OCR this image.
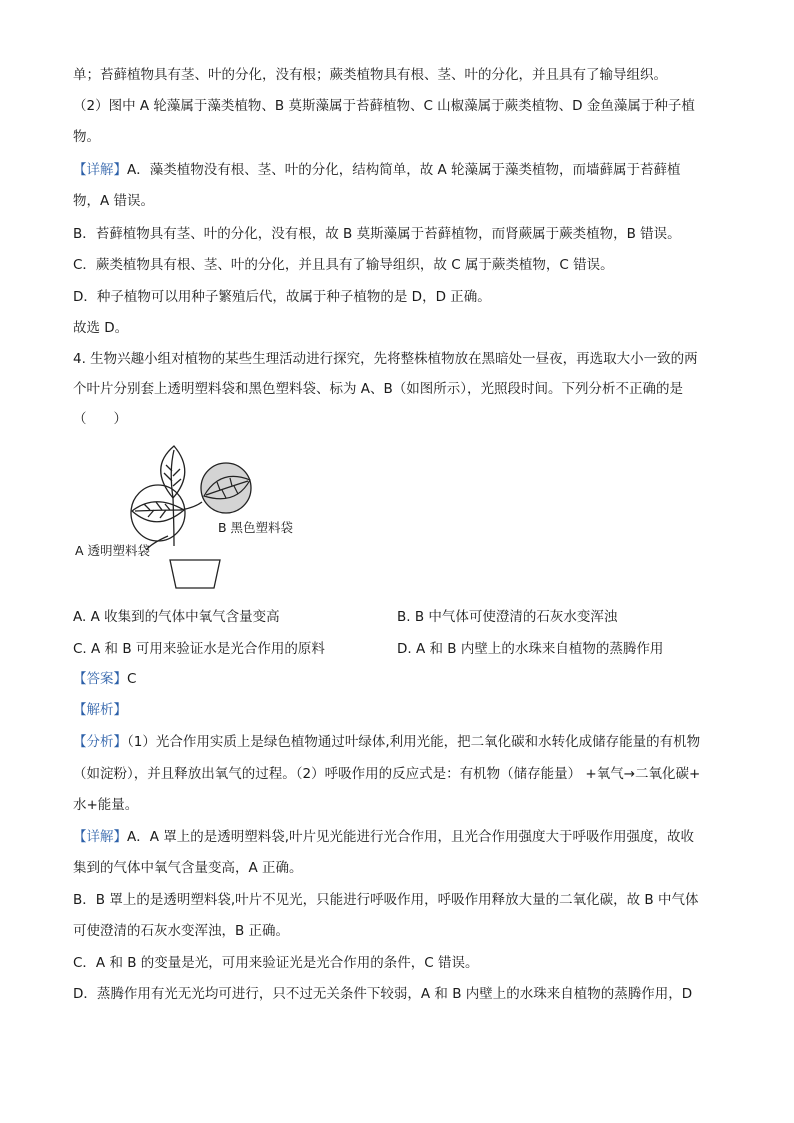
单；苔藓植物具有茎、叶的分化，没有根；蕨类植物具有根、茎、叶的分化，并且具有了输导组织。
（2）图中 A 轮藻属于藻类植物、B 莫斯藻属于苔藓植物、C 山椒藻属于蕨类植物、D 金鱼藻属于种子植
物。
【详解】A．藻类植物没有根、茎、叶的分化，结构简单，故 A 轮藻属于藻类植物，而墙藓属于苔藓植
物，A 错误。
B．苔藓植物具有茎、叶的分化，没有根，故 B 莫斯藻属于苔藓植物，而肾蕨属于蕨类植物，B 错误。
C．蕨类植物具有根、茎、叶的分化，并且具有了输导组织，故 C 属于蕨类植物，C 错误。
D．种子植物可以用种子繁殖后代，故属于种子植物的是 D，D 正确。
故选 D。
4. 生物兴趣小组对植物的某些生理活动进行探究，先将整株植物放在黑暗处一昼夜，再选取大小一致的两
个叶片分别套上透明塑料袋和黑色塑料袋、标为 A、B（如图所示），光照段时间。下列分析不正确的是
（　　）
B 黑色塑料袋
A 透明塑料袋
A. A 收集到的气体中氧气含量变高	B. B 中气体可使澄清的石灰水变浑浊
C. A 和 B 可用来验证水是光合作用的原料	D. A 和 B 内壁上的水珠来自植物的蒸腾作用
【答案】C
【解析】
【分析】（1）光合作用实质上是绿色植物通过叶绿体,利用光能，把二氧化碳和水转化成储存能量的有机物
（如淀粉），并且释放出氧气的过程。（2）呼吸作用的反应式是：有机物（储存能量） +氧气→二氧化碳+
水+能量。
【详解】A．A 罩上的是透明塑料袋,叶片见光能进行光合作用，且光合作用强度大于呼吸作用强度，故收
集到的气体中氧气含量变高，A 正确。
B．B 罩上的是透明塑料袋,叶片不见光，只能进行呼吸作用，呼吸作用释放大量的二氧化碳，故 B 中气体
可使澄清的石灰水变浑浊，B 正确。
C．A 和 B 的变量是光，可用来验证光是光合作用的条件，C 错误。
D．蒸腾作用有光无光均可进行，只不过无关条件下较弱，A 和 B 内壁上的水珠来自植物的蒸腾作用，D
